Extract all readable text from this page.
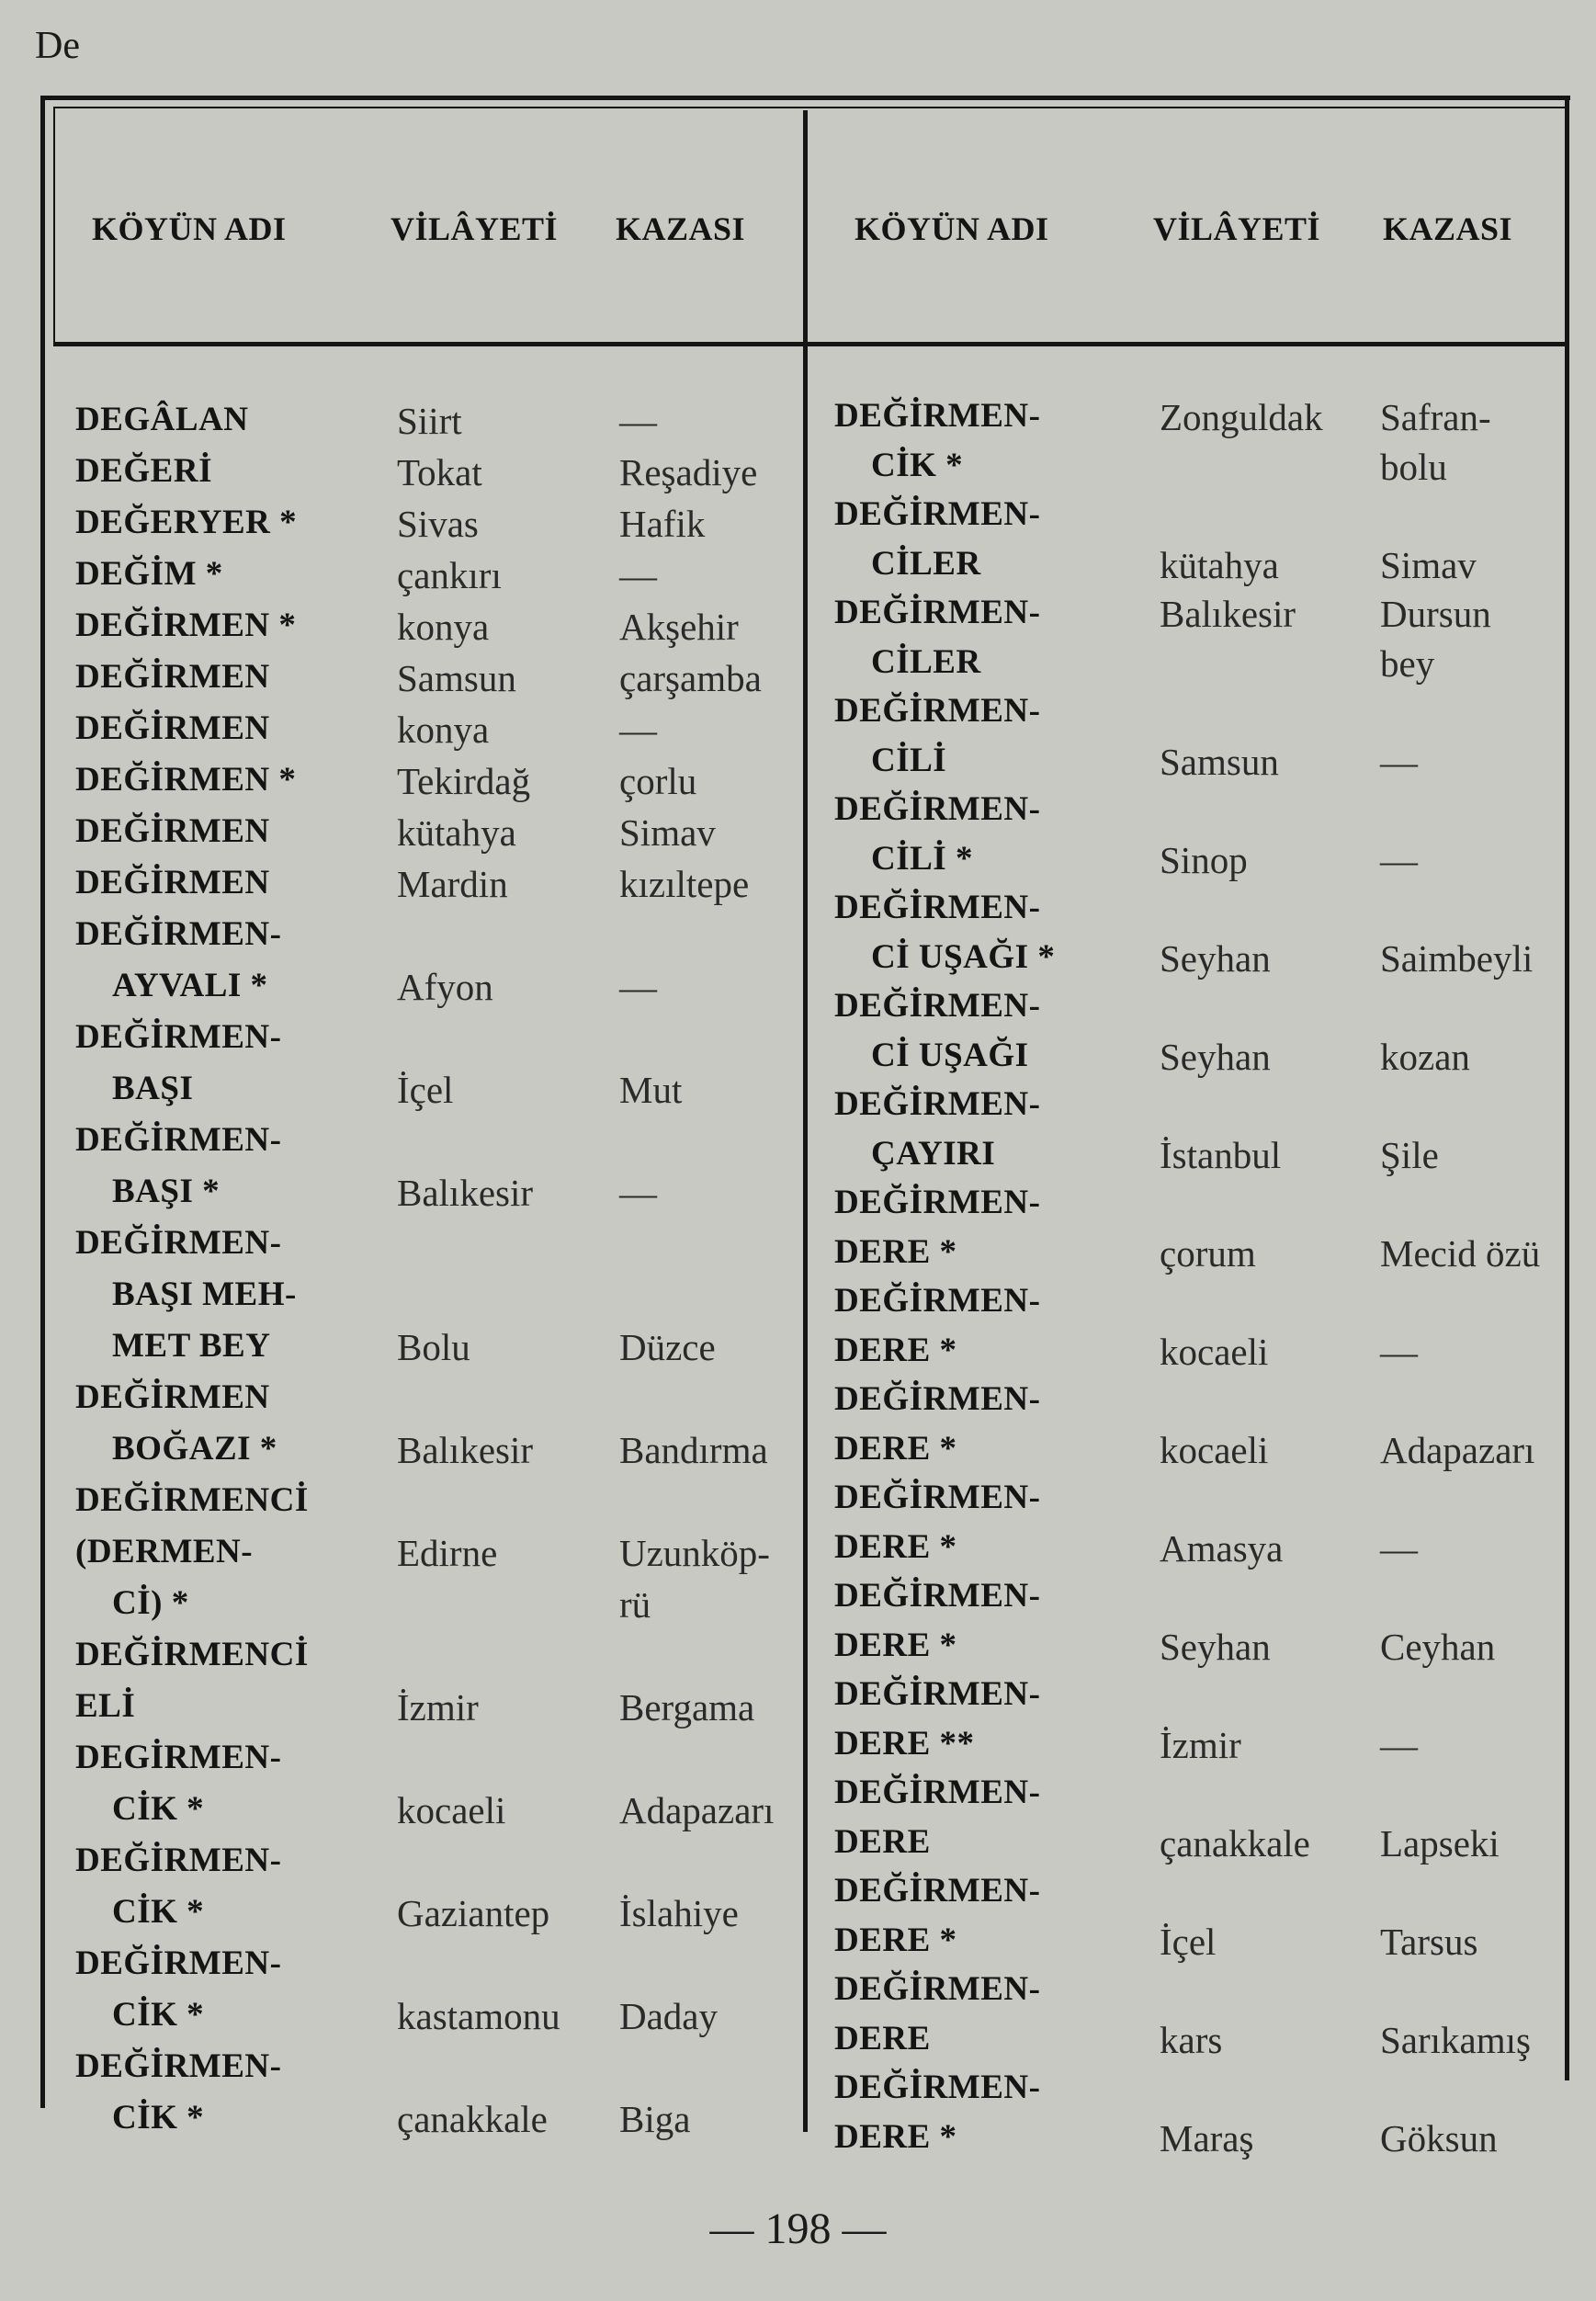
De
KÖYÜN ADI	VİLÂYETİ KAZASI	KÖYÜN ADI	VİLÂYETİ KAZASI
DEGÂLAN	Siirt	—
DEĞERİ	Tokat	Reşadiye
DEĞERYER *	Sivas	Hafik
DEĞİM *	çankırı	—
DEĞİRMEN *	konya	Akşehir
DEĞİRMEN	Samsun	çarşamba
DEĞİRMEN	konya	—
DEĞİRMEN *	Tekirdağ çorlu
DEĞİRMEN	kütahya	Simav
DEĞİRMEN	Mardin	kızıltepe
DEĞİRMEN-
AYVALI *	Afyon	—
DEĞİRMEN-
BAŞI	İçel	Mut
DEĞİRMEN-
BAŞI *	Balıkesir —
DEĞİRMEN-
BAŞI MEH-
MET BEY	Bolu	Düzce
DEĞİRMEN
BOĞAZI *	Balıkesir Bandırma
DEĞİRMENCİ
(DERMEN-	Edirne	Uzunköp-
Cİ) *	rü
DEĞİRMENCİ
ELİ	İzmir	Bergama
DEGİRMEN-
CİK *	kocaeli	Adapazarı
DEĞİRMEN-
CİK *	Gaziantep İslahiye
DEĞİRMEN-
CİK *	kastamonu Daday
DEĞİRMEN-
CİK *	çanakkale Biga
DEĞİRMEN-	Zonguldak Safran-
CİK *	bolu
DEĞİRMEN-
CİLER	kütahya	Simav
DEĞİRMEN-	Balıkesir Dursun
CİLER	bey
DEĞİRMEN-
CİLİ	Samsun	—
DEĞİRMEN-
CİLİ *	Sinop	—
DEĞİRMEN-
Cİ UŞAĞI *	Seyhan	Saimbeyli
DEĞİRMEN-
Cİ UŞAĞI	Seyhan	kozan
DEĞİRMEN-
ÇAYIRI	İstanbul	Şile
DEĞİRMEN-
DERE *	çorum	Mecid özü
DEĞİRMEN-
DERE *	kocaeli	—
DEĞİRMEN-
DERE *	kocaeli	Adapazarı
DEĞİRMEN-
DERE *	Amasya	—
DEĞİRMEN-
DERE *	Seyhan	Ceyhan
DEĞİRMEN-
DERE **	İzmir	—
DEĞİRMEN-
DERE	çanakkale Lapseki
DEĞİRMEN-
DERE *	İçel	Tarsus
DEĞİRMEN-
DERE	kars	Sarıkamış
DEĞİRMEN-
DERE *	Maraş	Göksun
— 198 —
